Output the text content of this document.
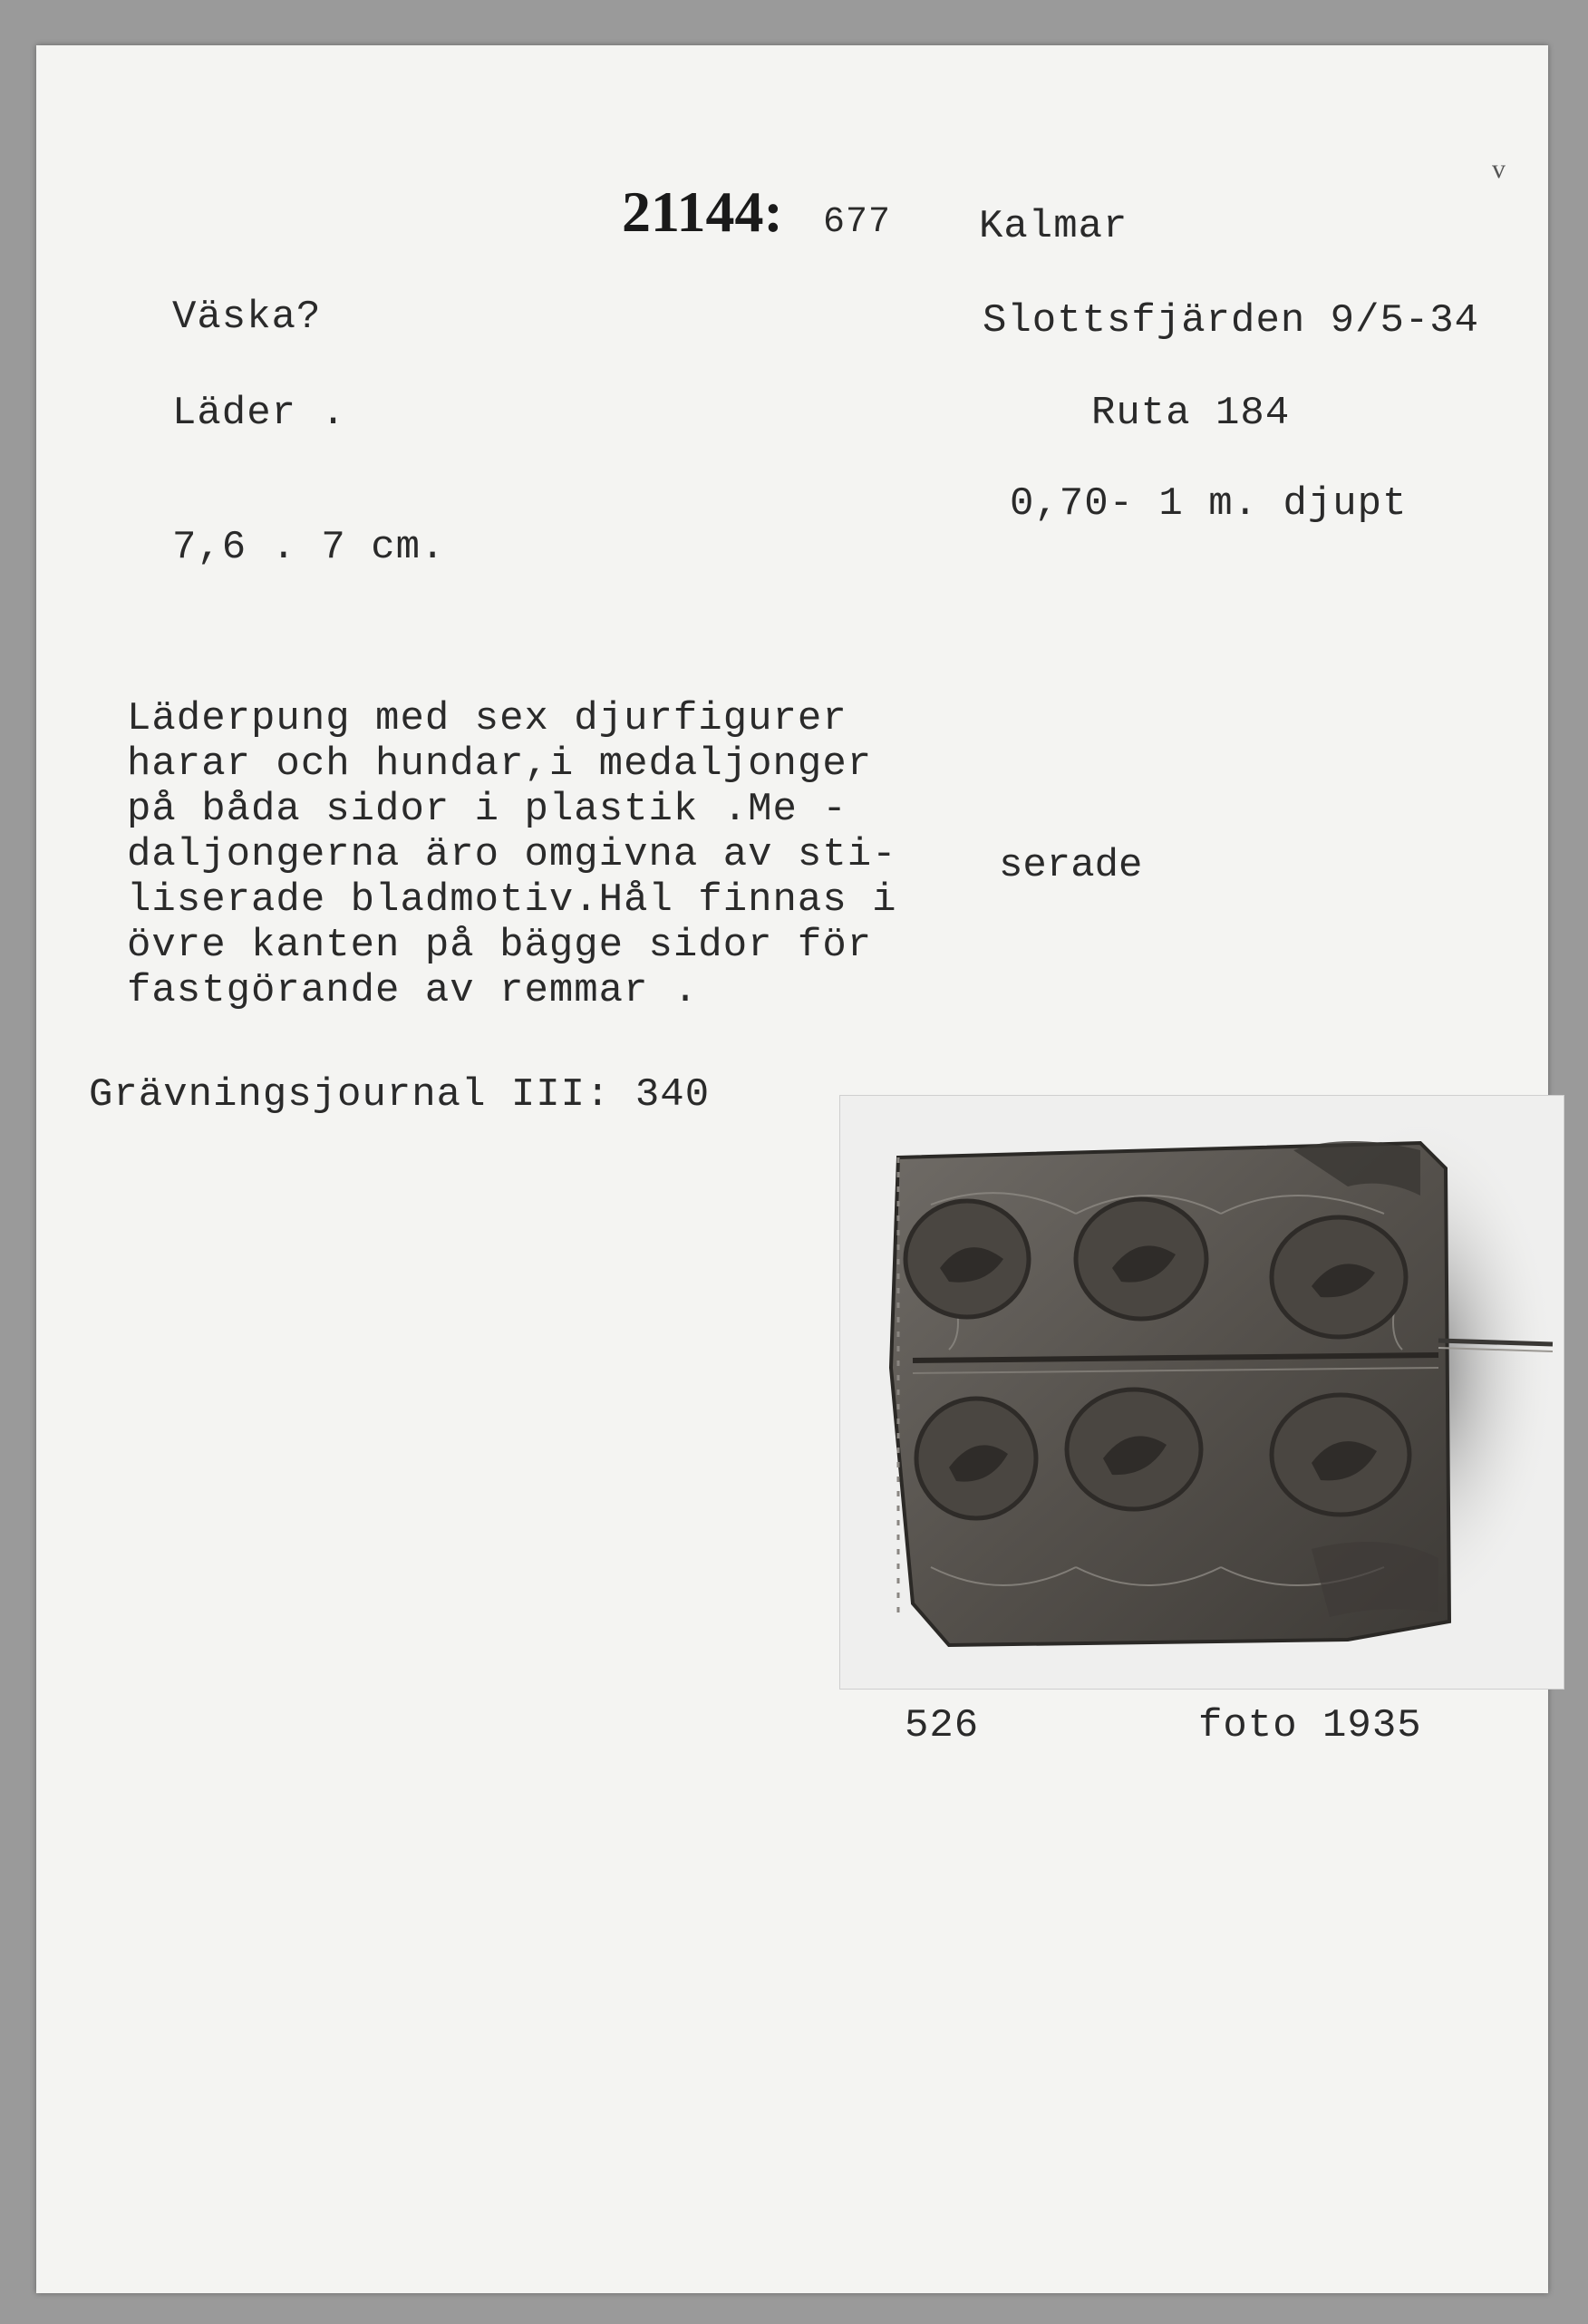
v
21144: 677 Kalmar
Väska?	Slottsfjärden 9/5-34
Läder .	Ruta 184
0,70- 1 m. djupt
7,6 . 7 cm.
Läderpung med sex djurfigurer
harar och hundar,i medaljonger
på båda sidor i plastik .Me -
daljongerna äro omgivna av sti-
liserade bladmotiv.Hål finnas i
övre kanten på bägge sidor för
fastgörande av remmar .
serade
Grävningsjournal III: 340
526	foto 1935
